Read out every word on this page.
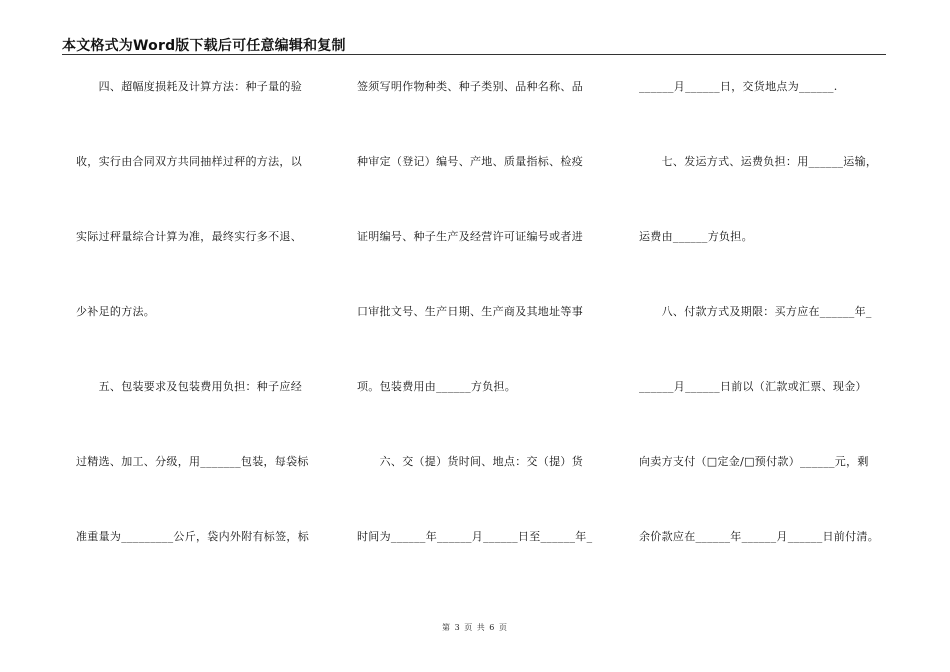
本文格式为Word版下载后可任意编辑和复制
　　四、超幅度损耗及计算方法：种子量的验
收，实行由合同双方共同抽样过秤的方法，以
实际过秤量综合计算为准，最终实行多不退、
少补足的方法。
　　五、包装要求及包装费用负担：种子应经
过精选、加工、分级，用_______包装，每袋标
准重量为_________公斤，袋内外附有标签，标
签须写明作物种类、种子类别、品种名称、品
种审定（登记）编号、产地、质量指标、检疫
证明编号、种子生产及经营许可证编号或者进
口审批文号、生产日期、生产商及其地址等事
项。包装费用由______方负担。
　　六、交（提）货时间、地点：交（提）货
时间为______年______月______日至______年_
______月______日，交货地点为______.
　　七、发运方式、运费负担：用______运输，
运费由______方负担。
　　八、付款方式及期限：买方应在______年_
______月______日前以（汇款或汇票、现金）
向卖方支付（□定金/□预付款）______元，剩
余价款应在______年______月______日前付清。
第 3 页 共 6 页
